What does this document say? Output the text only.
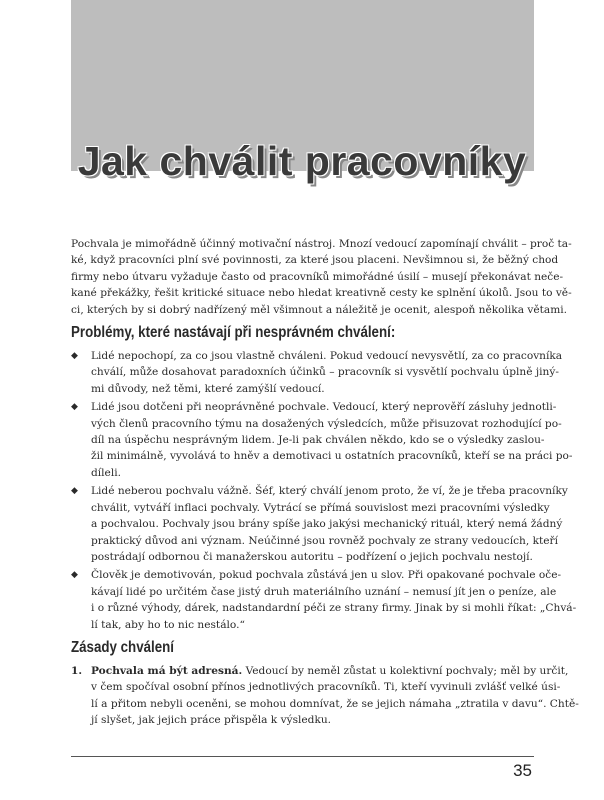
Jak chválit pracovníky
Pochvala je mimořádně účinný motivační nástroj. Mnozí vedoucí zapomínají chválit – proč ta-
ké, když pracovníci plní své povinnosti, za které jsou placeni. Nevšimnou si, že běžný chod
firmy nebo útvaru vyžaduje často od pracovníků mimořádné úsilí – musejí překonávat neče-
kané překážky, řešit kritické situace nebo hledat kreativně cesty ke splnění úkolů. Jsou to vě-
ci, kterých by si dobrý nadřízený měl všimnout a náležitě je ocenit, alespoň několika větami.
Problémy, které nastávají při nesprávném chválení:
◆ Lidé nepochopí, za co jsou vlastně chváleni. Pokud vedoucí nevysvětlí, za co pracovníka
chválí, může dosahovat paradoxních účinků – pracovník si vysvětlí pochvalu úplně jiný-
mi důvody, než těmi, které zamýšlí vedoucí.
◆ Lidé jsou dotčeni při neoprávněné pochvale. Vedoucí, který neprověří zásluhy jednotli-
vých členů pracovního týmu na dosažených výsledcích, může přisuzovat rozhodující po-
díl na úspěchu nesprávným lidem. Je-li pak chválen někdo, kdo se o výsledky zaslou-
žil minimálně, vyvolává to hněv a demotivaci u ostatních pracovníků, kteří se na práci po-
díleli.
◆ Lidé neberou pochvalu vážně. Šéf, který chválí jenom proto, že ví, že je třeba pracovníky
chválit, vytváří inflaci pochvaly. Vytrácí se přímá souvislost mezi pracovními výsledky
a pochvalou. Pochvaly jsou brány spíše jako jakýsi mechanický rituál, který nemá žádný
praktický důvod ani význam. Neúčinné jsou rovněž pochvaly ze strany vedoucích, kteří
postrádají odbornou či manažerskou autoritu – podřízení o jejich pochvalu nestojí.
◆ Člověk je demotivován, pokud pochvala zůstává jen u slov. Při opakované pochvale oče-
kávají lidé po určitém čase jistý druh materiálního uznání – nemusí jít jen o peníze, ale
i o různé výhody, dárek, nadstandardní péči ze strany firmy. Jinak by si mohli říkat: „Chvá-
lí tak, aby ho to nic nestálo.“
Zásady chválení
1. Pochvala má být adresná. Vedoucí by neměl zůstat u kolektivní pochvaly; měl by určit,
v čem spočíval osobní přínos jednotlivých pracovníků. Ti, kteří vyvinuli zvlášť velké úsi-
lí a přitom nebyli oceněni, se mohou domnívat, že se jejich námaha „ztratila v davu“. Chtě-
jí slyšet, jak jejich práce přispěla k výsledku.
35
